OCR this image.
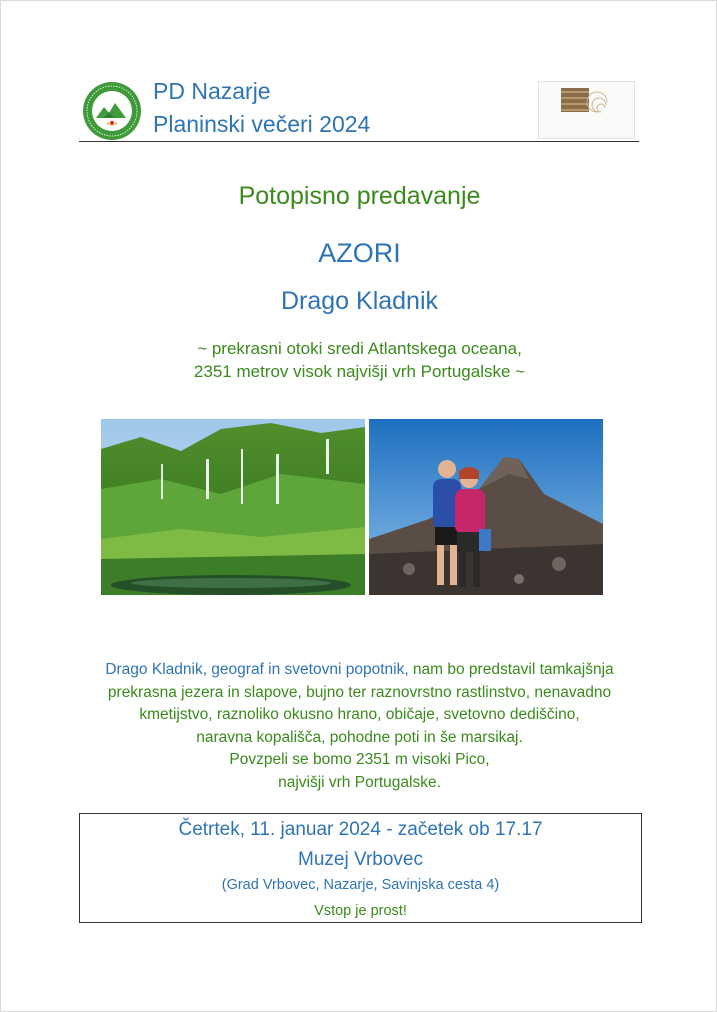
PD Nazarje
Planinski večeri 2024
Potopisno predavanje
AZORI
Drago Kladnik
~ prekrasni otoki sredi Atlantskega oceana,
2351 metrov visok najvišji vrh Portugalske ~
Drago Kladnik, geograf in svetovni popotnik, nam bo predstavil tamkajšnja
prekrasna jezera in slapove, bujno ter raznovrstno rastlinstvo, nenavadno
kmetijstvo, raznoliko okusno hrano, običaje, svetovno dediščino,
naravna kopališča, pohodne poti in še marsikaj.
Povzpeli se bomo 2351 m visoki Pico,
najvišji vrh Portugalske.
Četrtek, 11. januar 2024 - začetek ob 17.17
Muzej Vrbovec
(Grad Vrbovec, Nazarje, Savinjska cesta 4)
Vstop je prost!
